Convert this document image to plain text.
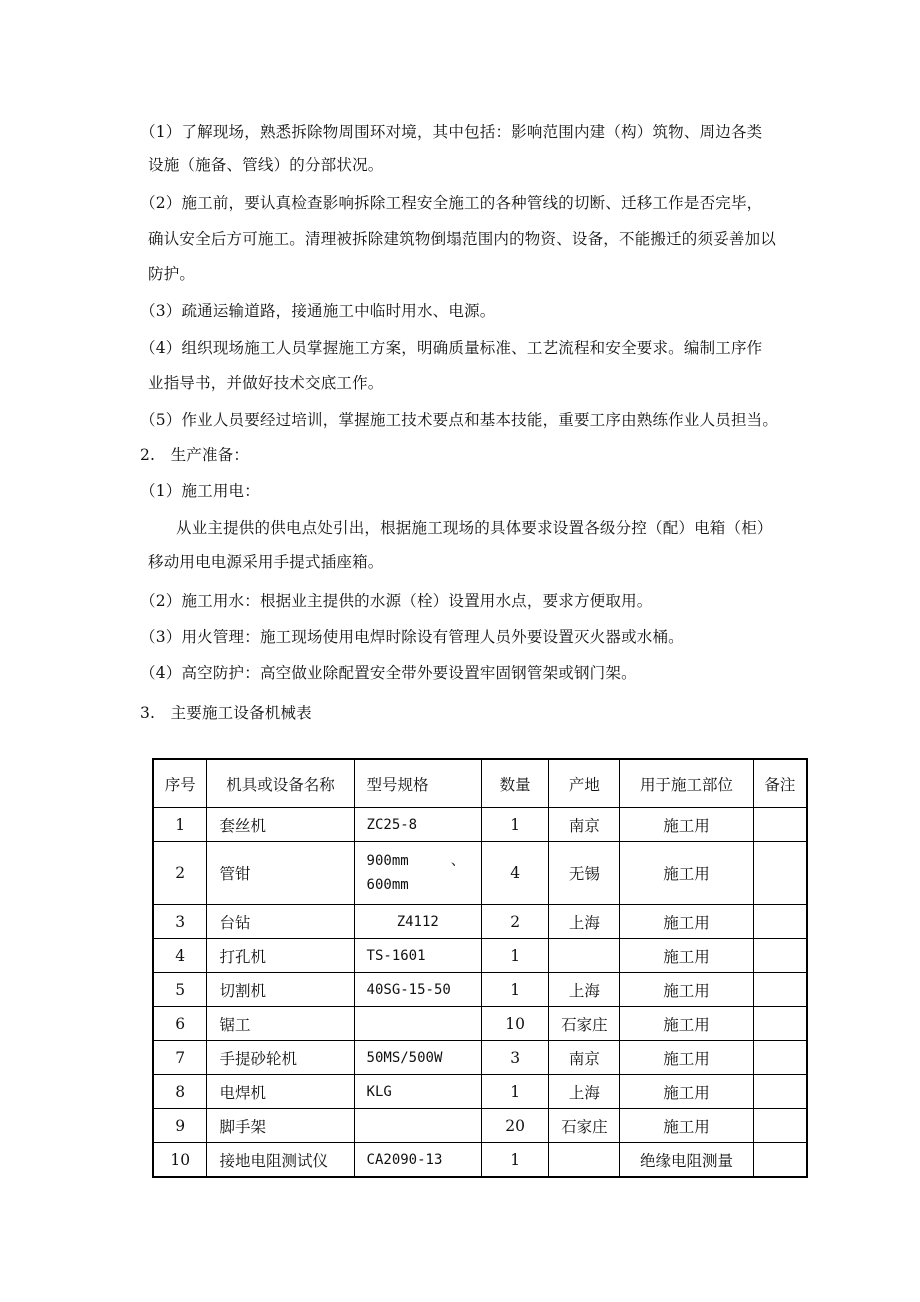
（1）了解现场，熟悉拆除物周围环对境，其中包括：影响范围内建（构）筑物、周边各类
设施（施备、管线）的分部状况。
（2）施工前，要认真检查影响拆除工程安全施工的各种管线的切断、迁移工作是否完毕，
确认安全后方可施工。清理被拆除建筑物倒塌范围内的物资、设备，不能搬迁的须妥善加以
防护。
（3）疏通运输道路，接通施工中临时用水、电源。
（4）组织现场施工人员掌握施工方案，明确质量标准、工艺流程和安全要求。编制工序作
业指导书，并做好技术交底工作。
（5）作业人员要经过培训，掌握施工技术要点和基本技能，重要工序由熟练作业人员担当。
2.   生产准备：
（1）施工用电：
从业主提供的供电点处引出，根据施工现场的具体要求设置各级分控（配）电箱（柜）
移动用电电源采用手提式插座箱。
（2）施工用水：根据业主提供的水源（栓）设置用水点，要求方便取用。
（3）用火管理：施工现场使用电焊时除设有管理人员外要设置灭火器或水桶。
（4）高空防护：高空做业除配置安全带外要设置牢固钢管架或钢门架。
3.   主要施工设备机械表
序号	机具或设备名称	型号规格	数量	产地	用于施工部位	备注
1	套丝机	ZC25-8	1	南京	施工用	
2	管钳	900mm     、
600mm	4	无锡	施工用	
3	台钻	Z4112	2	上海	施工用	
4	打孔机	TS-1601	1		施工用	
5	切割机	40SG-15-50	1	上海	施工用	
6	锯工		10	石家庄	施工用	
7	手提砂轮机	50MS/500W	3	南京	施工用	
8	电焊机	KLG	1	上海	施工用	
9	脚手架		20	石家庄	施工用	
10	接地电阻测试仪	CA2090-13	1		绝缘电阻测量	
